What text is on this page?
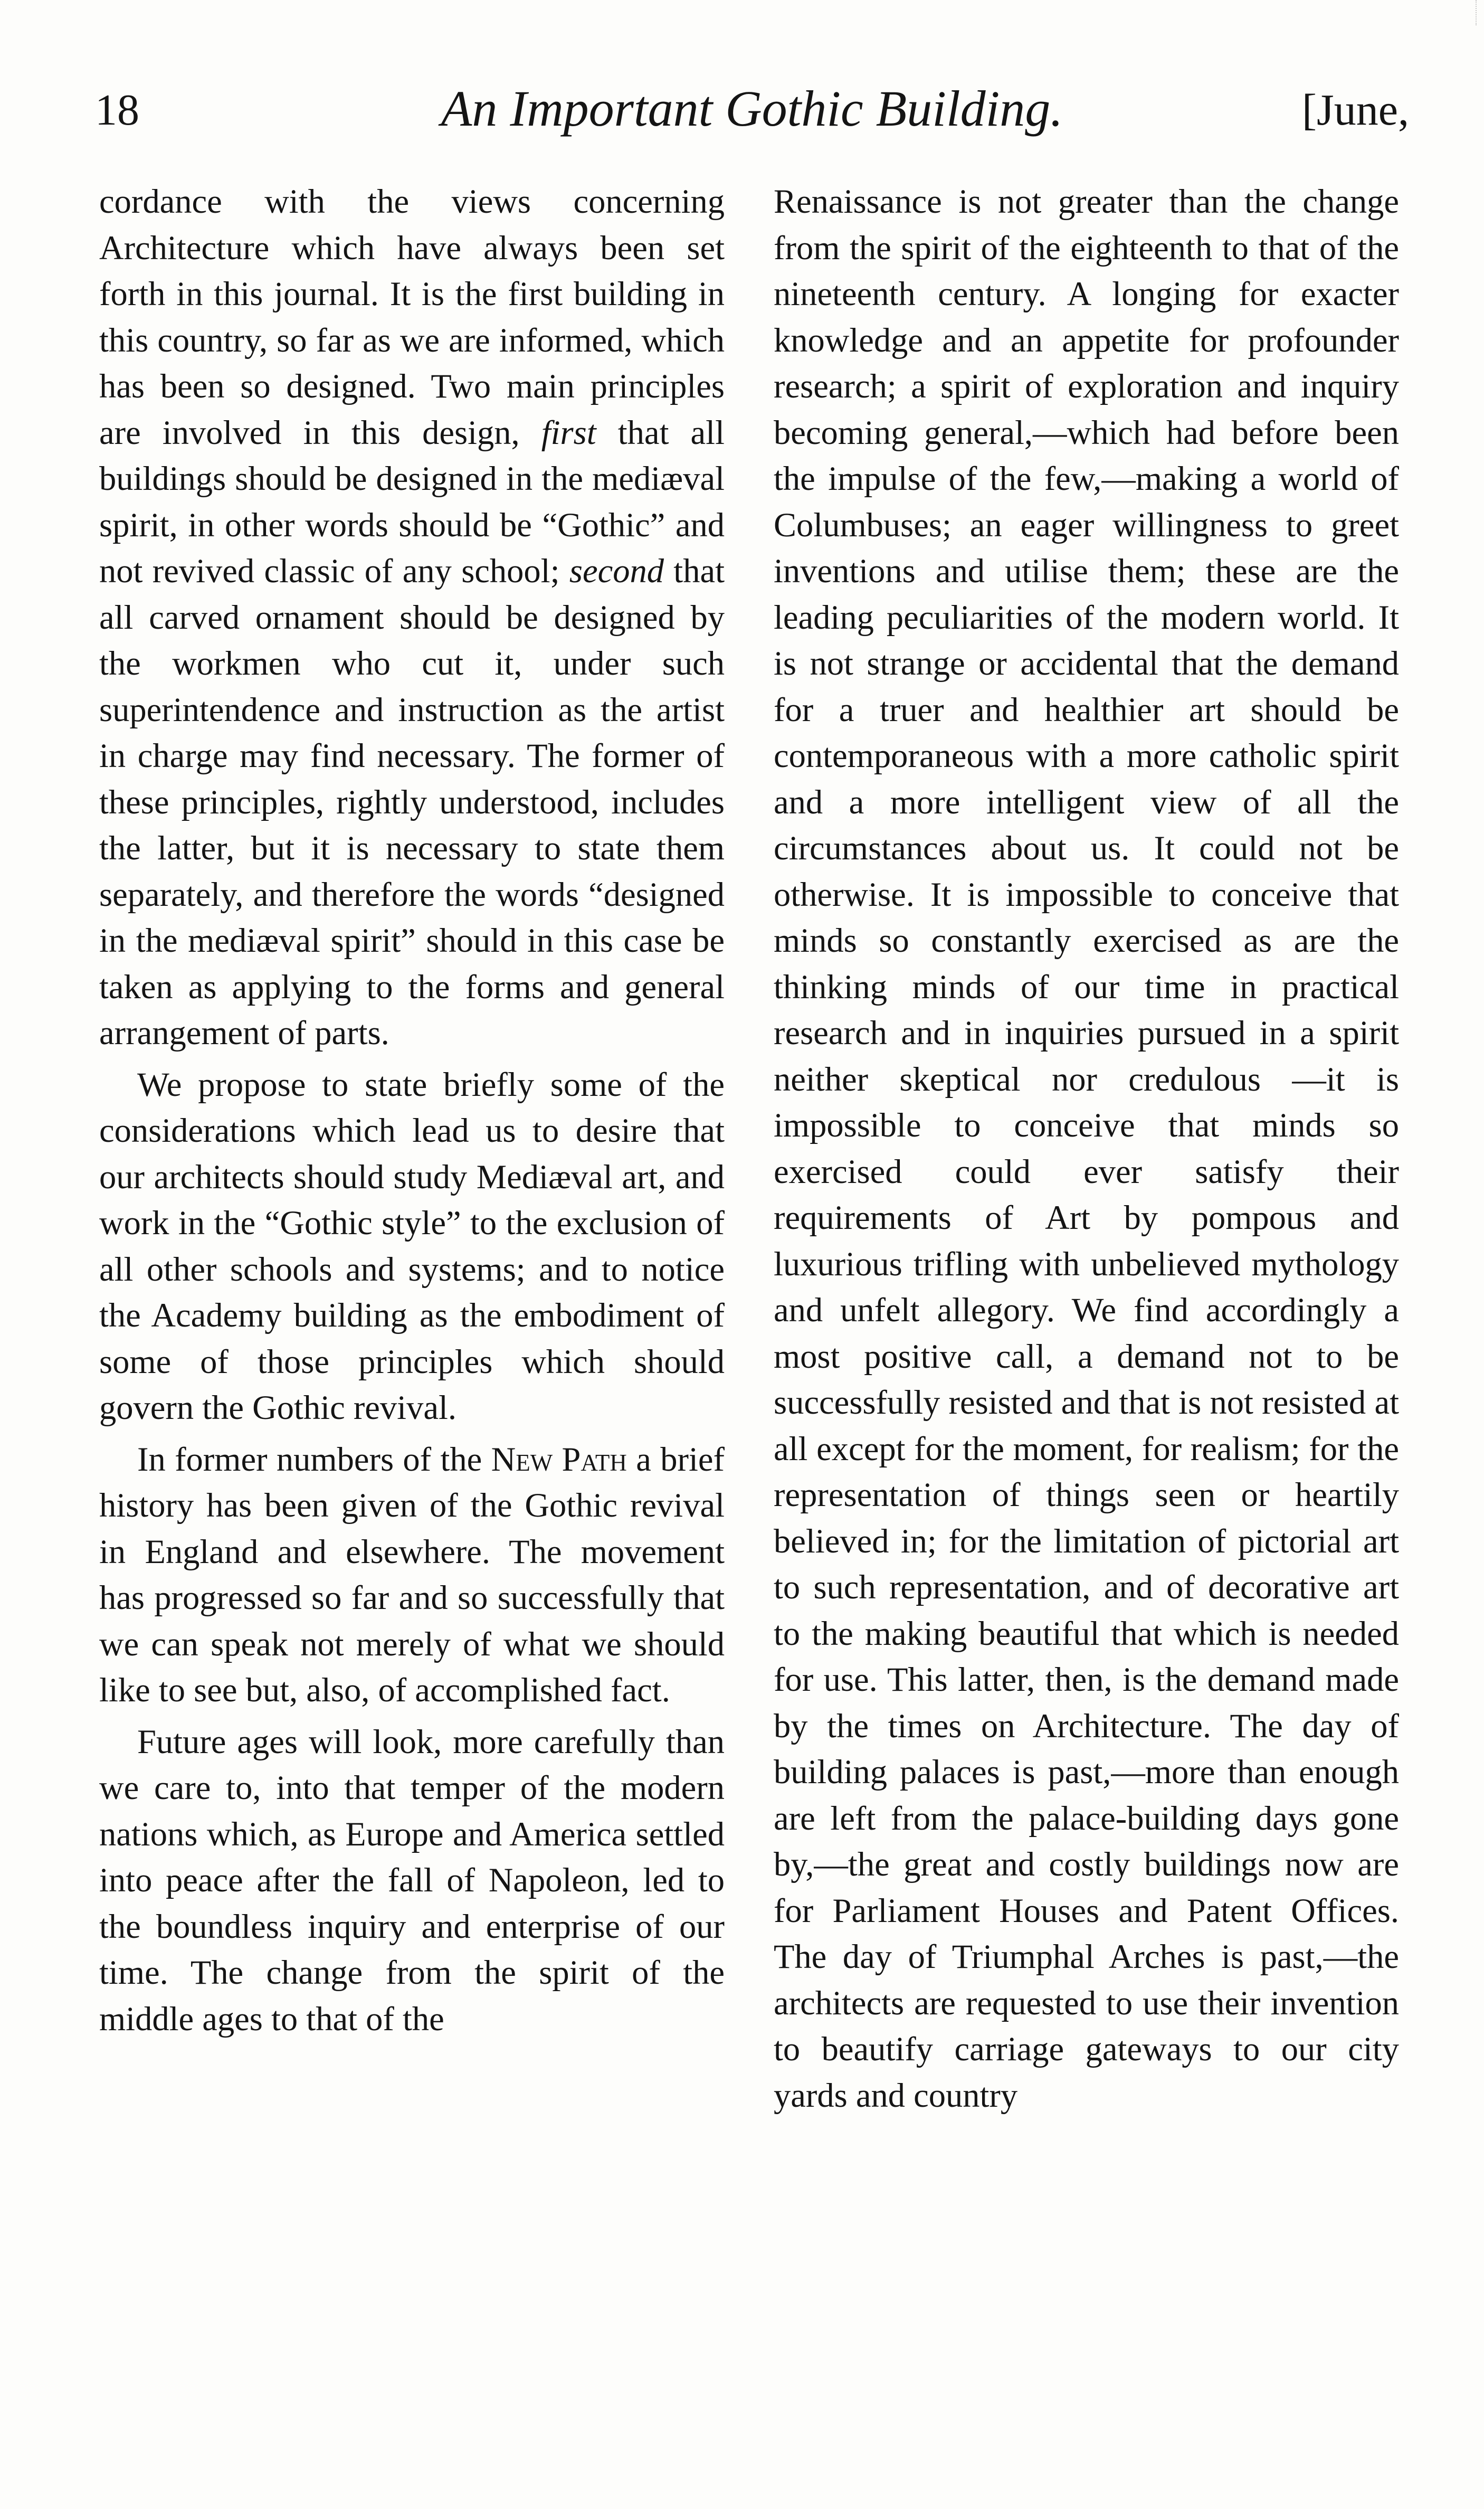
18	An Important Gothic Building.	[June,

cordance with the views concerning Architecture which have always been set forth in this journal. It is the first building in this country, so far as we are informed, which has been so designed. Two main principles are involved in this design, first that all buildings should be designed in the mediæval spirit, in other words should be “Gothic” and not revived classic of any school; second that all carved ornament should be designed by the workmen who cut it, under such superintendence and instruction as the artist in charge may find necessary. The former of these principles, rightly understood, includes the latter, but it is necessary to state them separately, and therefore the words “designed in the mediæval spirit” should in this case be taken as applying to the forms and general arrangement of parts.

We propose to state briefly some of the considerations which lead us to desire that our architects should study Mediæval art, and work in the “Gothic style” to the exclusion of all other schools and systems; and to notice the Academy building as the embodiment of some of those principles which should govern the Gothic revival.

In former numbers of the New Path a brief history has been given of the Gothic revival in England and elsewhere. The movement has progressed so far and so successfully that we can speak not merely of what we should like to see but, also, of accomplished fact.

Future ages will look, more carefully than we care to, into that temper of the modern nations which, as Europe and America settled into peace after the fall of Napoleon, led to the boundless inquiry and enterprise of our time. The change from the spirit of the middle ages to that of the

Renaissance is not greater than the change from the spirit of the eighteenth to that of the nineteenth century. A longing for exacter knowledge and an appetite for profounder research; a spirit of exploration and inquiry becoming general,—which had before been the impulse of the few,—making a world of Columbuses; an eager willingness to greet inventions and utilise them; these are the leading peculiarities of the modern world. It is not strange or accidental that the demand for a truer and healthier art should be contemporaneous with a more catholic spirit and a more intelligent view of all the circumstances about us. It could not be otherwise. It is impossible to conceive that minds so constantly exercised as are the thinking minds of our time in practical research and in inquiries pursued in a spirit neither skeptical nor credulous —it is impossible to conceive that minds so exercised could ever satisfy their requirements of Art by pompous and luxurious trifling with unbelieved mythology and unfelt allegory. We find accordingly a most positive call, a demand not to be successfully resisted and that is not resisted at all except for the moment, for realism; for the representation of things seen or heartily believed in; for the limitation of pictorial art to such representation, and of decorative art to the making beautiful that which is needed for use. This latter, then, is the demand made by the times on Architecture. The day of building palaces is past,—more than enough are left from the palace-building days gone by,—the great and costly buildings now are for Parliament Houses and Patent Offices. The day of Triumphal Arches is past,—the architects are requested to use their invention to beautify carriage gateways to our city yards and country
